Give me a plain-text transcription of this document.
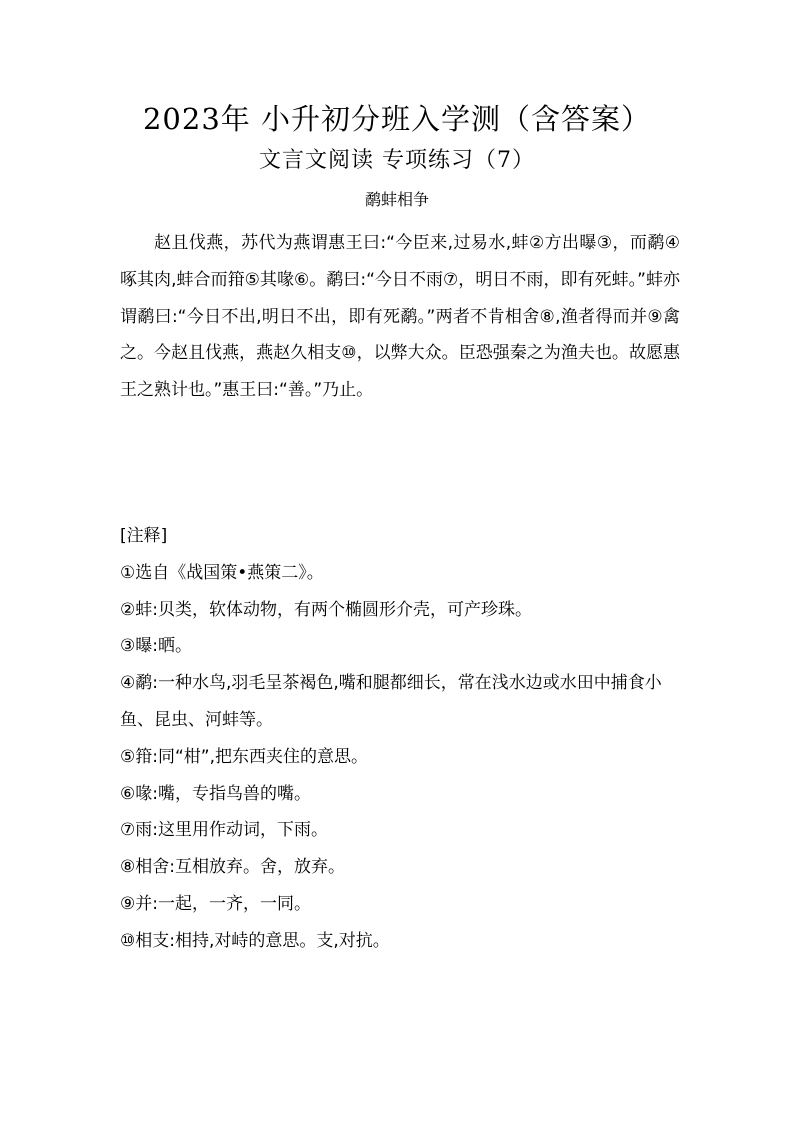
2023年 小升初分班入学测（含答案）
文言文阅读 专项练习（7）
鹬蚌相争

赵且伐燕，苏代为燕谓惠王曰:“今臣来,过易水,蚌②方出曝③，而鹬④啄其肉,蚌合而箝⑤其喙⑥。鹬曰:“今日不雨⑦，明日不雨，即有死蚌。”蚌亦谓鹬曰:“今日不出,明日不出，即有死鹬。”两者不肯相舍⑧,渔者得而并⑨禽之。今赵且伐燕，燕赵久相支⑩，以弊大众。臣恐强秦之为渔夫也。故愿惠王之熟计也。”惠王曰:“善。”乃止。

[注释]
①选自《战国策•燕策二》。
②蚌:贝类，软体动物，有两个椭圆形介壳，可产珍珠。
③曝:晒。
④鹬:一种水鸟,羽毛呈茶褐色,嘴和腿都细长，常在浅水边或水田中捕食小鱼、昆虫、河蚌等。
⑤箝:同“柑”,把东西夹住的意思。
⑥喙:嘴，专指鸟兽的嘴。
⑦雨:这里用作动词，下雨。
⑧相舍:互相放弃。舍，放弃。
⑨并:一起，一齐，一同。
⑩相支:相持,对峙的意思。支,对抗。
